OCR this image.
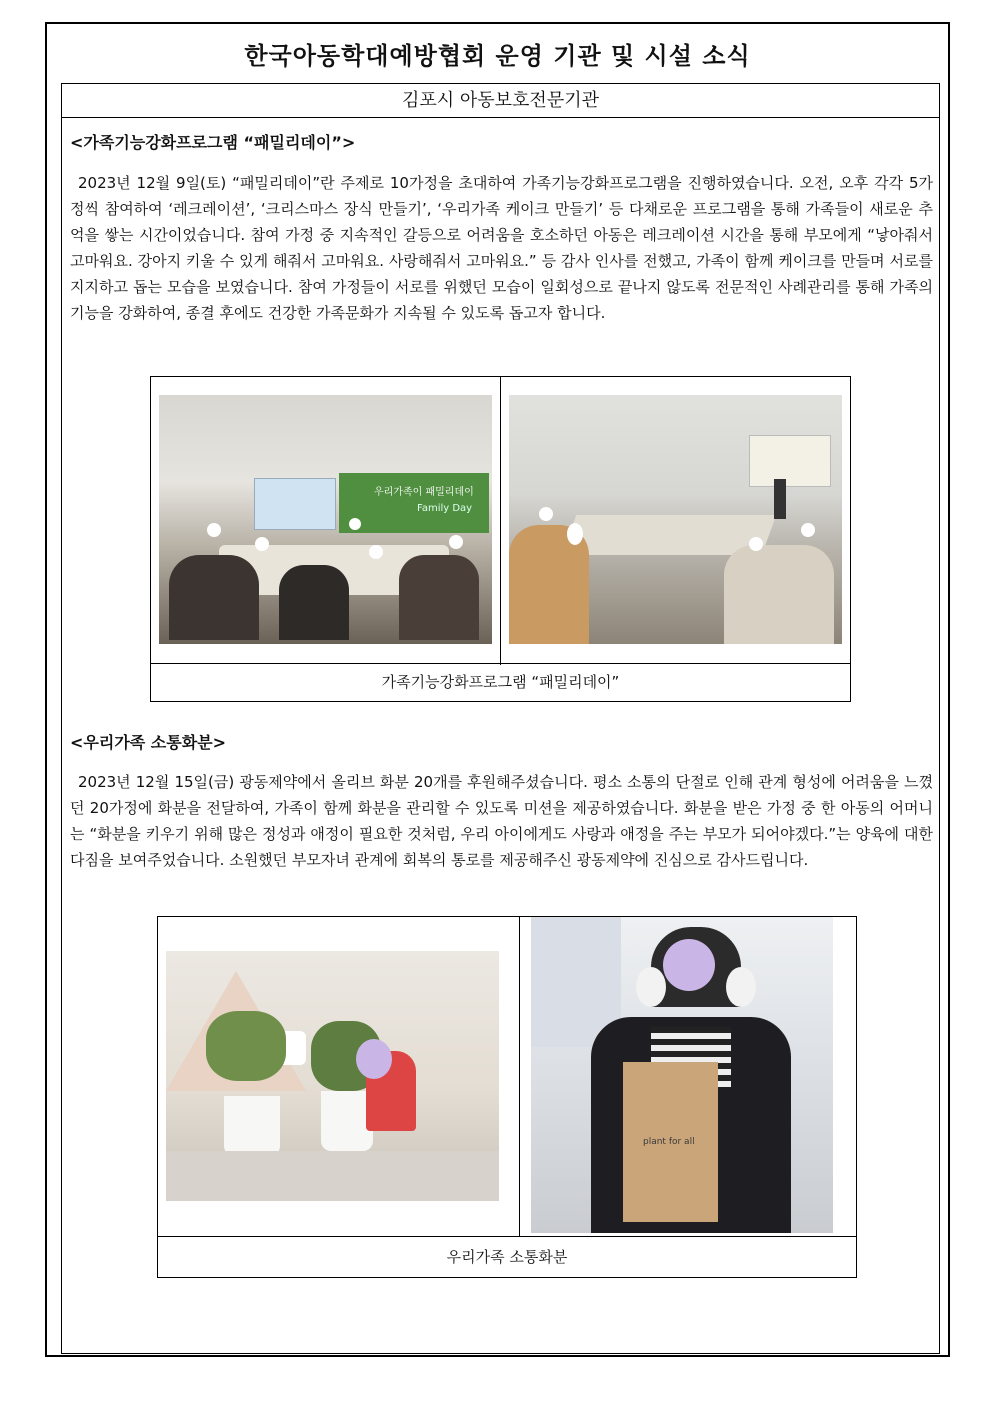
한국아동학대예방협회 운영 기관 및 시설 소식
김포시 아동보호전문기관
<가족기능강화프로그램 “패밀리데이”>

2023년 12월 9일(토) “패밀리데이”란 주제로 10가정을 초대하여 가족기능강화프로그램을 진행하였습니다. 오전, 오후 각각 5가정씩 참여하여 ‘레크레이션’, ‘크리스마스 장식 만들기’, ‘우리가족 케이크 만들기’ 등 다채로운 프로그램을 통해 가족들이 새로운 추억을 쌓는 시간이었습니다. 참여 가정 중 지속적인 갈등으로 어려움을 호소하던 아동은 레크레이션 시간을 통해 부모에게 “낳아줘서 고마워요. 강아지 키울 수 있게 해줘서 고마워요. 사랑해줘서 고마워요.” 등 감사 인사를 전했고, 가족이 함께 케이크를 만들며 서로를 지지하고 돕는 모습을 보였습니다. 참여 가정들이 서로를 위했던 모습이 일회성으로 끝나지 않도록 전문적인 사례관리를 통해 가족의 기능을 강화하여, 종결 후에도 건강한 가족문화가 지속될 수 있도록 돕고자 합니다.

우리가족이 패밀리데이
Family Day
가족기능강화프로그램 “패밀리데이”
<우리가족 소통화분>

2023년 12월 15일(금) 광동제약에서 올리브 화분 20개를 후원해주셨습니다. 평소 소통의 단절로 인해 관계 형성에 어려움을 느꼈던 20가정에 화분을 전달하여, 가족이 함께 화분을 관리할 수 있도록 미션을 제공하였습니다. 화분을 받은 가정 중 한 아동의 어머니는 “화분을 키우기 위해 많은 정성과 애정이 필요한 것처럼, 우리 아이에게도 사랑과 애정을 주는 부모가 되어야겠다.”는 양육에 대한 다짐을 보여주었습니다. 소원했던 부모자녀 관계에 회복의 통로를 제공해주신 광동제약에 진심으로 감사드립니다.

plant for all
우리가족 소통화분
